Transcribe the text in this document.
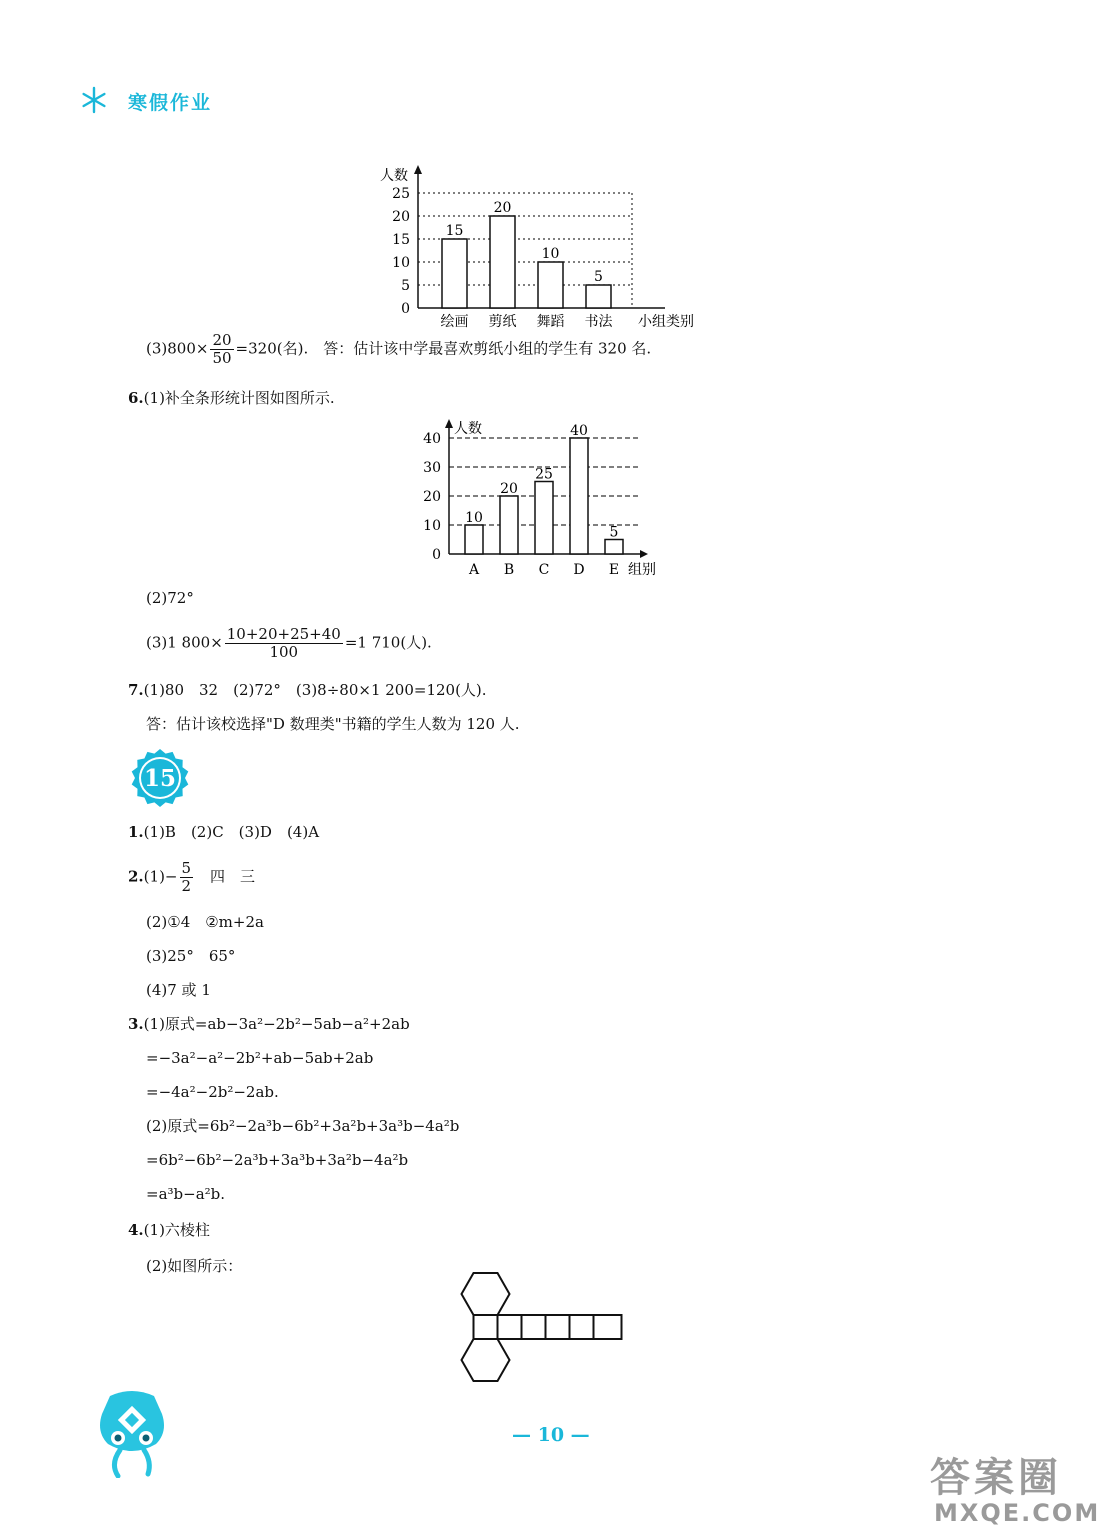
寒假作业
0
5
10
15
20
25
人数
小组类别
15
绘画
20
剪纸
10
舞蹈
5
书法
$(3)800\times \frac{20}{50} =320$(名).　答：估计该中学最喜欢剪纸小组的学生有 320 名.
6.(1)补全条形统计图如图所示.
0
10
20
30
40
人数
组别
10
A
20
B
25
C
40
D
5
E
(2)72°
(3)1 $800\times \frac{10+20+25+40}{100} =1$ 710(人).
7.(1)80　32　(2)72°　(3)8÷80×1 200=120(人).
答：估计该校选择"D 数理类"书籍的学生人数为 120 人.
15
1.(1)B　(2)C　(3)D　(4)A
$2.(1)- \frac{5}{2}$ 　四　三
(2)①4　②m+2a
(3)25°　65°
(4)7 或 1
3.(1)原式=ab−3a²−2b²−5ab−a²+2ab
=−3a²−a²−2b²+ab−5ab+2ab
=−4a²−2b²−2ab.
(2)原式=6b²−2a³b−6b²+3a²b+3a³b−4a²b
=6b²−6b²−2a³b+3a³b+3a²b−4a²b
=a³b−a²b.
4.(1)六棱柱
(2)如图所示：
— 10 —
答案圈
MXQE.COM
